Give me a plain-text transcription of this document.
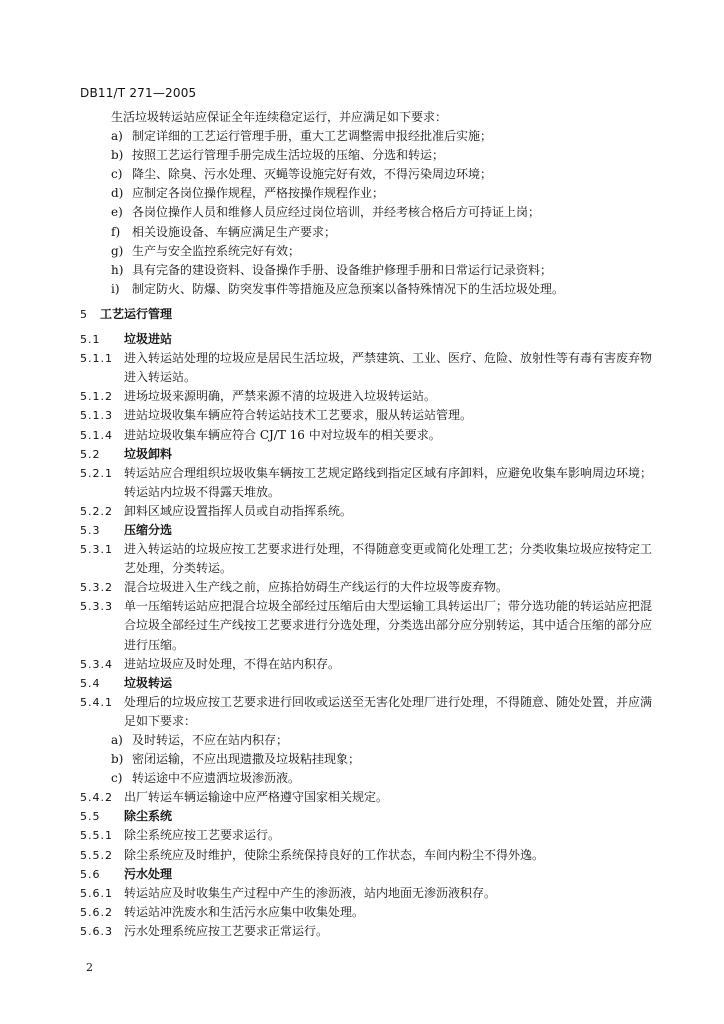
DB11/T 271—2005

生活垃圾转运站应保证全年连续稳定运行，并应满足如下要求：

a) 制定详细的工艺运行管理手册，重大工艺调整需申报经批准后实施；
b) 按照工艺运行管理手册完成生活垃圾的压缩、分选和转运；
c) 降尘、除臭、污水处理、灭蝇等设施完好有效，不得污染周边环境；
d) 应制定各岗位操作规程，严格按操作规程作业；
e) 各岗位操作人员和维修人员应经过岗位培训，并经考核合格后方可持证上岗；
f) 相关设施设备、车辆应满足生产要求；
g) 生产与安全监控系统完好有效；
h) 具有完备的建设资料、设备操作手册、设备维护修理手册和日常运行记录资料；
i)	制定防火、防爆、防突发事件等措施及应急预案以备特殊情况下的生活垃圾处理。
5	工艺运行管理
5.1	垃圾进站
5.1.1 进入转运站处理的垃圾应是居民生活垃圾，严禁建筑、工业、医疗、危险、放射性等有毒有害废弃物进入转运站。
5.1.2 进场垃圾来源明确，严禁来源不清的垃圾进入垃圾转运站。
5.1.3 进站垃圾收集车辆应符合转运站技术工艺要求，服从转运站管理。
5.1.4 进站垃圾收集车辆应符合 CJ/T 16 中对垃圾车的相关要求。
5.2	垃圾卸料
5.2.1 转运站应合理组织垃圾收集车辆按工艺规定路线到指定区域有序卸料，应避免收集车影响周边环境；转运站内垃圾不得露天堆放。
5.2.2 卸料区域应设置指挥人员或自动指挥系统。
5.3	压缩分选
5.3.1 进入转运站的垃圾应按工艺要求进行处理，不得随意变更或简化处理工艺；分类收集垃圾应按特定工艺处理，分类转运。
5.3.2 混合垃圾进入生产线之前，应拣拾妨碍生产线运行的大件垃圾等废弃物。
5.3.3 单一压缩转运站应把混合垃圾全部经过压缩后由大型运输工具转运出厂；带分选功能的转运站应把混合垃圾全部经过生产线按工艺要求进行分选处理，分类选出部分应分别转运，其中适合压缩的部分应进行压缩。
5.3.4 进站垃圾应及时处理，不得在站内积存。
5.4	垃圾转运
5.4.1 处理后的垃圾应按工艺要求进行回收或运送至无害化处理厂进行处理，不得随意、随处处置，并应满足如下要求：
a) 及时转运，不应在站内积存；
b) 密闭运输，不应出现遗撒及垃圾粘挂现象；
c) 转运途中不应遗洒垃圾渗沥液。
5.4.2 出厂转运车辆运输途中应严格遵守国家相关规定。
5.5	除尘系统
5.5.1 除尘系统应按工艺要求运行。
5.5.2 除尘系统应及时维护，使除尘系统保持良好的工作状态，车间内粉尘不得外逸。
5.6	污水处理
5.6.1 转运站应及时收集生产过程中产生的渗沥液，站内地面无渗沥液积存。
5.6.2 转运站冲洗废水和生活污水应集中收集处理。
5.6.3 污水处理系统应按工艺要求正常运行。
2
